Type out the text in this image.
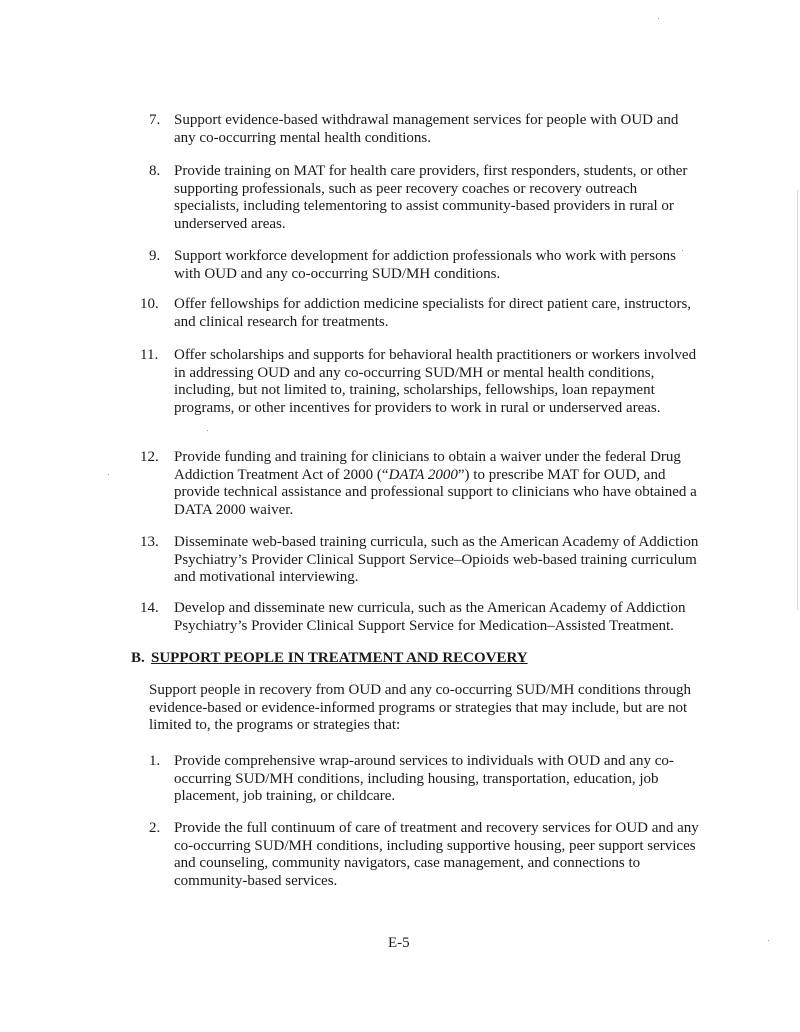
7. Support evidence-based withdrawal management services for people with OUD and any co-occurring mental health conditions.
8. Provide training on MAT for health care providers, first responders, students, or other supporting professionals, such as peer recovery coaches or recovery outreach specialists, including telementoring to assist community-based providers in rural or underserved areas.
9. Support workforce development for addiction professionals who work with persons with OUD and any co-occurring SUD/MH conditions.
10. Offer fellowships for addiction medicine specialists for direct patient care, instructors, and clinical research for treatments.
11. Offer scholarships and supports for behavioral health practitioners or workers involved in addressing OUD and any co-occurring SUD/MH or mental health conditions, including, but not limited to, training, scholarships, fellowships, loan repayment programs, or other incentives for providers to work in rural or underserved areas.
12. Provide funding and training for clinicians to obtain a waiver under the federal Drug Addiction Treatment Act of 2000 (“DATA 2000”) to prescribe MAT for OUD, and provide technical assistance and professional support to clinicians who have obtained a DATA 2000 waiver.
13. Disseminate web-based training curricula, such as the American Academy of Addiction Psychiatry’s Provider Clinical Support Service–Opioids web-based training curriculum and motivational interviewing.
14. Develop and disseminate new curricula, such as the American Academy of Addiction Psychiatry’s Provider Clinical Support Service for Medication–Assisted Treatment.
B. SUPPORT PEOPLE IN TREATMENT AND RECOVERY
Support people in recovery from OUD and any co-occurring SUD/MH conditions through evidence-based or evidence-informed programs or strategies that may include, but are not limited to, the programs or strategies that:
1. Provide comprehensive wrap-around services to individuals with OUD and any co-occurring SUD/MH conditions, including housing, transportation, education, job placement, job training, or childcare.
2. Provide the full continuum of care of treatment and recovery services for OUD and any co-occurring SUD/MH conditions, including supportive housing, peer support services and counseling, community navigators, case management, and connections to community-based services.
E-5
